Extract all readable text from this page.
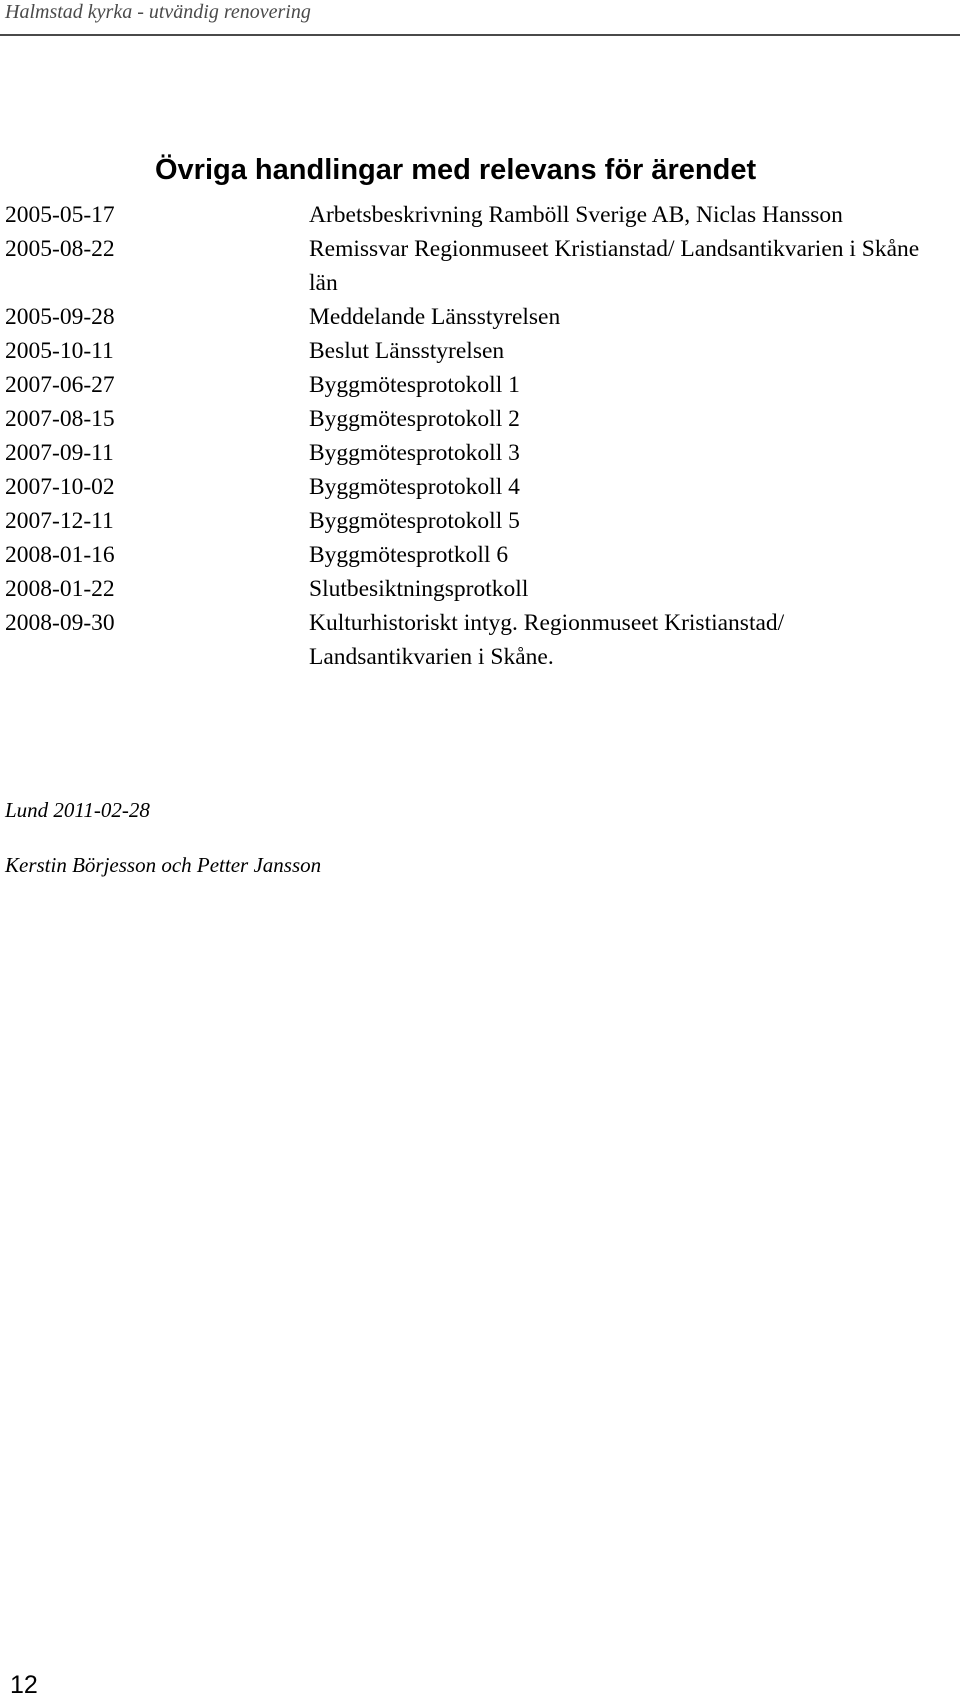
Halmstad kyrka - utvändig renovering
Övriga handlingar med relevans för ärendet
2005-05-17	Arbetsbeskrivning Ramböll Sverige AB, Niclas Hansson
2005-08-22	Remissvar Regionmuseet Kristianstad/ Landsantikvarien i Skåne län
2005-09-28	Meddelande Länsstyrelsen
2005-10-11	Beslut Länsstyrelsen
2007-06-27	Byggmötesprotokoll 1
2007-08-15	Byggmötesprotokoll 2
2007-09-11	Byggmötesprotokoll 3
2007-10-02	Byggmötesprotokoll 4
2007-12-11	Byggmötesprotokoll 5
2008-01-16	Byggmötesprotkoll 6
2008-01-22	Slutbesiktningsprotkoll
2008-09-30	Kulturhistoriskt intyg. Regionmuseet Kristianstad/ Landsantikvarien i Skåne.
Lund 2011-02-28
Kerstin Börjesson och Petter Jansson
12
